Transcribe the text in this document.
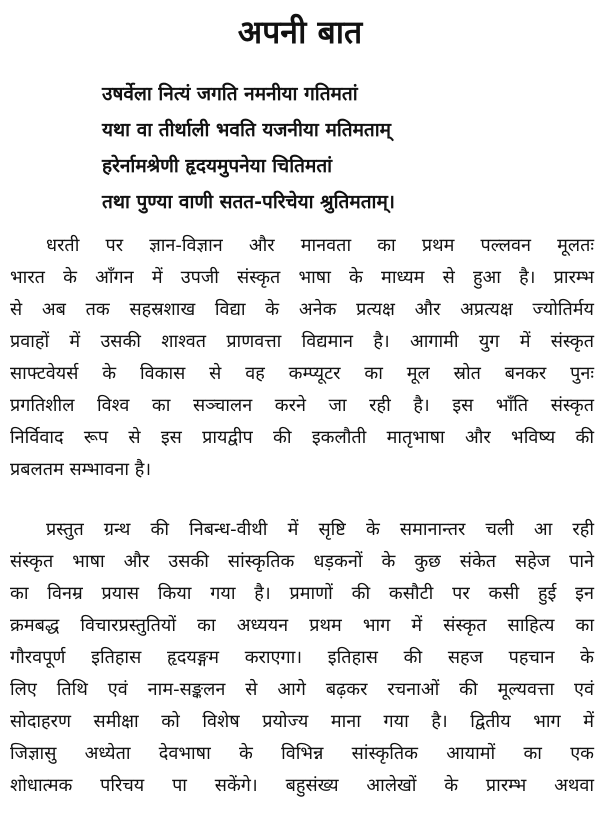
अपनी बात
उषर्वेला नित्यं जगति नमनीया गतिमतां
यथा वा तीर्थाली भवति यजनीया मतिमताम्
हरेर्नामश्रेणी हृदयमुपनेया चितिमतां
तथा पुण्या वाणी सतत-परिचेया श्रुतिमताम्।
धरती पर ज्ञान-विज्ञान और मानवता का प्रथम पल्लवन मूलतः
भारत के आँगन में उपजी संस्कृत भाषा के माध्यम से हुआ है। प्रारम्भ
से अब तक सहस्रशाख विद्या के अनेक प्रत्यक्ष और अप्रत्यक्ष ज्योतिर्मय
प्रवाहों में उसकी शाश्वत प्राणवत्ता विद्यमान है। आगामी युग में संस्कृत
साफ्टवेयर्स के विकास से वह कम्प्यूटर का मूल स्रोत बनकर पुनः
प्रगतिशील विश्व का सञ्चालन करने जा रही है। इस भाँति संस्कृत
निर्विवाद रूप से इस प्रायद्वीप की इकलौती मातृभाषा और भविष्य की
प्रबलतम सम्भावना है।
प्रस्तुत ग्रन्थ की निबन्ध-वीथी में सृष्टि के समानान्तर चली आ रही
संस्कृत भाषा और उसकी सांस्कृतिक धड़कनों के कुछ संकेत सहेज पाने
का विनम्र प्रयास किया गया है। प्रमाणों की कसौटी पर कसी हुई इन
क्रमबद्ध विचारप्रस्तुतियों का अध्ययन प्रथम भाग में संस्कृत साहित्य का
गौरवपूर्ण इतिहास हृदयङ्गम कराएगा। इतिहास की सहज पहचान के
लिए तिथि एवं नाम-सङ्कलन से आगे बढ़कर रचनाओं की मूल्यवत्ता एवं
सोदाहरण समीक्षा को विशेष प्रयोज्य माना गया है। द्वितीय भाग में
जिज्ञासु अध्येता देवभाषा के विभिन्न सांस्कृतिक आयामों का एक
शोधात्मक परिचय पा सकेंगे। बहुसंख्य आलेखों के प्रारम्भ अथवा
